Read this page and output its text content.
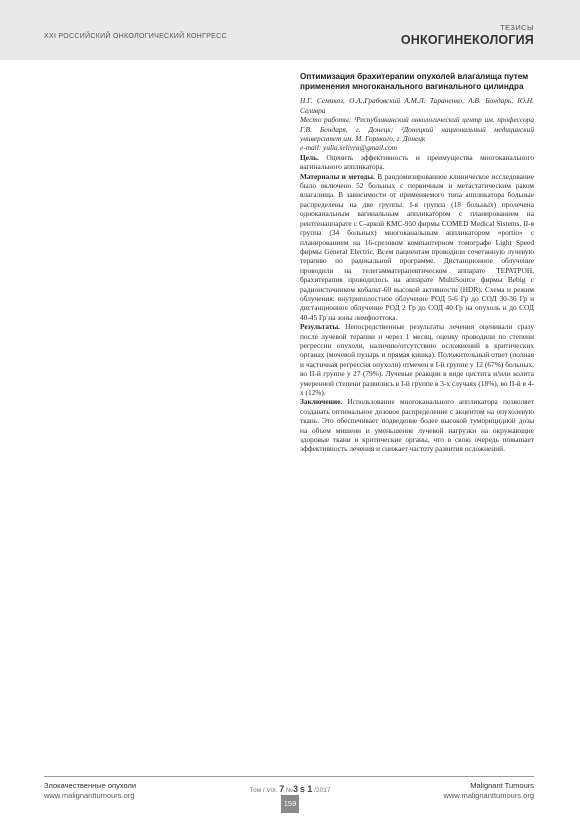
XXI РОССИЙСКИЙ ОНКОЛОГИЧЕСКИЙ КОНГРЕСС
ТЕЗИСЫ
ОНКОГИНЕКОЛОГИЯ
Оптимизация брахитерапии опухолей влагалища путем применения многоканального вагинального цилиндра
Н.Г. Семикоз, О.А.,Грабовский А.М.Л. Тараненко, А.В. Бондарь, Ю.Н. Селивра
Место работы: ¹Республиканский онкологический центр им. профессора Г.В. Бондаря, г. Донецк; ²Донецкий национальный медицинский университет им. М. Горького, г. Донецк
e-mail: yulia.selivra@gmail.com

Цель. Оценить эффективность и преимущества многоканального вагинального аппликатора.

Материалы и методы. В рандомизированное клиническое исследование было включено 52 больных с первичным и метастатическим раком влагалища. В зависимости от применяемого типа аппликатора больные распределены на две группы. I-я группа (18 больных) пролечена одноканальным вагинальным аппликатором с планированием на рентгенаппарате с С-аркой КМС-950 фирмы COMED Medical Sistems, II-я группа (34 больных) многоканальным аппликатором «portio» с планированием на 16-срезовом компьютерном томографе Light Speed фирмы General Electric. Всем пациентам проводили сочетанную лучевую терапию по радикальной программе. Дистанционное облучение проводили на телегамматерапевтическом аппарате ТЕРАТРОН, брахитерапия проводилось на аппарате MultiSource фирмы Bebig с радиоисточником кобальт-60 высокой активности (HDR). Схема и режим облучения: внутриполостное облучение РОД 5-6 Гр до СОД 30-36 Гр и дистанционное облучение РОД 2 Гр до СОД 40 Гр на опухоль и до СОД 40-45 Гр на зоны лимфооттока.

Результаты. Непосредственные результаты лечения оценивали сразу после лучевой терапии и через 1 месяц, оценку проводили по степени регрессии опухоли, наличию/отсутствию осложнений в критических органах (мочевой пузырь и прямая кишка). Положительный ответ (полная и частичная регрессия опухоли) отмечен в I-й группе у 12 (67%) больных, во II-й группе у 27 (79%). Лучевые реакции в виде цистита и/или колита умеренной степени развились в I-й группе в 3-х случаях (18%), во II-й в 4-х (12%).

Заключение. Использование многоканального аппликатора позволяет создавать оптимальное дозовое распределение с акцентом на опухолевую ткань. Это обеспечивает подведение более высокой туморицидной дозы на объем мишени и уменьшение лучевой нагрузки на окружающие здоровые ткани и критические органы, что в свою очередь повышает эффективность лечения и снижает частоту развития осложнений.

Злокачественные опухоли
www.malignanttumours.org
Том / Vol. 7 №3 s 1 /2017
159
Malignant Tumours
www.malignanttumours.org
